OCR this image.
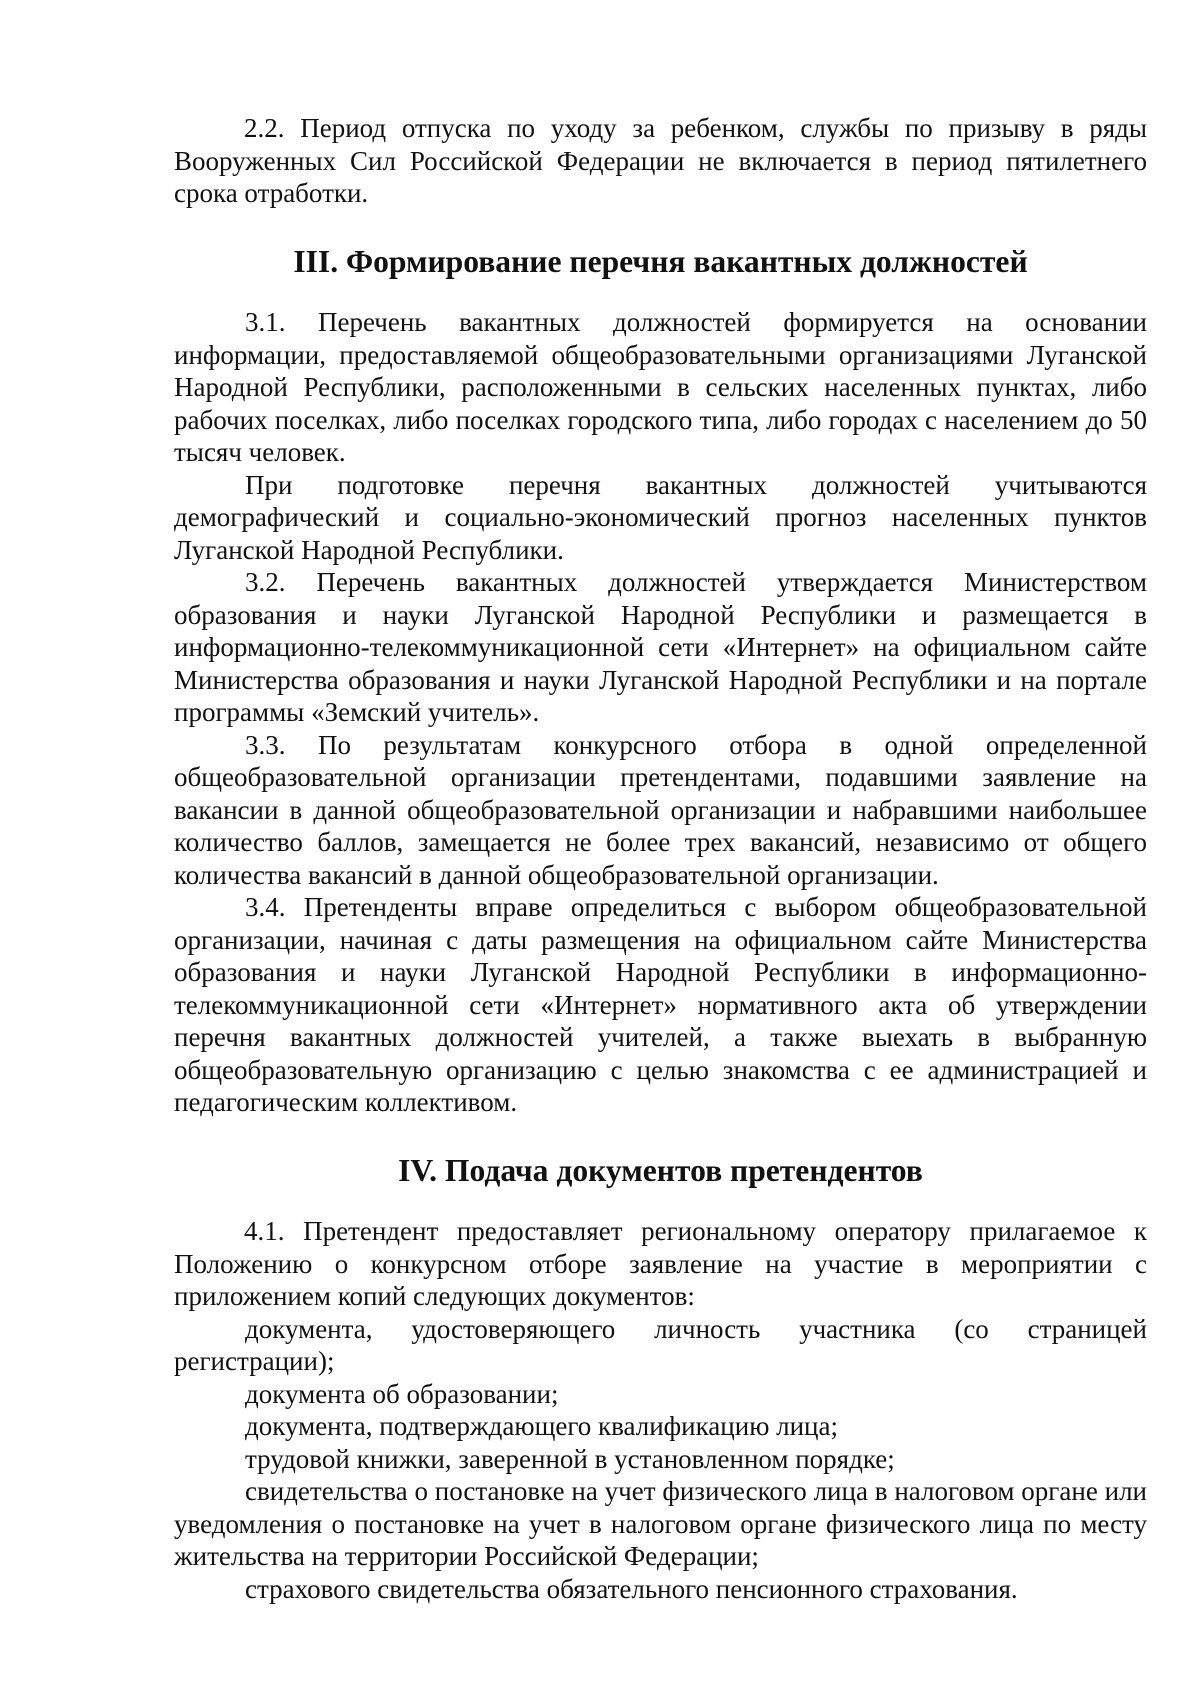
2.2. Период отпуска по уходу за ребенком, службы по призыву в ряды Вооруженных Сил Российской Федерации не включается в период пятилетнего срока отработки.

III. Формирование перечня вакантных должностей

3.1. Перечень вакантных должностей формируется на основании информации, предоставляемой общеобразовательными организациями Луганской Народной Республики, расположенными в сельских населенных пунктах, либо рабочих поселках, либо поселках городского типа, либо городах с населением до 50 тысяч человек.

При подготовке перечня вакантных должностей учитываются демографический и социально-экономический прогноз населенных пунктов Луганской Народной Республики.

3.2. Перечень вакантных должностей утверждается Министерством образования и науки Луганской Народной Республики и размещается в информационно-телекоммуникационной сети «Интернет» на официальном сайте Министерства образования и науки Луганской Народной Республики и на портале программы «Земский учитель».

3.3. По результатам конкурсного отбора в одной определенной общеобразовательной организации претендентами, подавшими заявление на вакансии в данной общеобразовательной организации и набравшими наибольшее количество баллов, замещается не более трех вакансий, независимо от общего количества вакансий в данной общеобразовательной организации.

3.4. Претенденты вправе определиться с выбором общеобразовательной организации, начиная с даты размещения на официальном сайте Министерства образования и науки Луганской Народной Республики в информационно-телекоммуникационной сети «Интернет» нормативного акта об утверждении перечня вакантных должностей учителей, а также выехать в выбранную общеобразовательную организацию с целью знакомства с ее администрацией и педагогическим коллективом.

IV. Подача документов претендентов

4.1. Претендент предоставляет региональному оператору прилагаемое к Положению о конкурсном отборе заявление на участие в мероприятии с приложением копий следующих документов:

документа, удостоверяющего личность участника (со страницей регистрации);

документа об образовании;

документа, подтверждающего квалификацию лица;

трудовой книжки, заверенной в установленном порядке;

свидетельства о постановке на учет физического лица в налоговом органе или уведомления о постановке на учет в налоговом органе физического лица по месту жительства на территории Российской Федерации;

страхового свидетельства обязательного пенсионного страхования.
